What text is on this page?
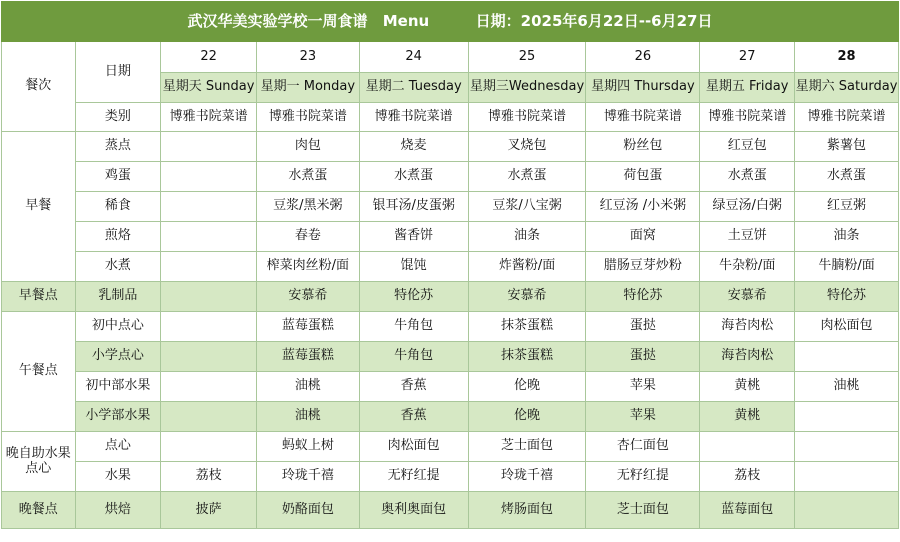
武汉华美实验学校一周食谱 Menu 日期：2025年6月22日--6月27日								
餐次	日期	22	23	24	25	26	27	28
		星期天 Sunday	星期一 Monday	星期二 Tuesday	星期三Wednesday	星期四 Thursday	星期五 Friday	星期六 Saturday
	类别	博雅书院菜谱	博雅书院菜谱	博雅书院菜谱	博雅书院菜谱	博雅书院菜谱	博雅书院菜谱	博雅书院菜谱
早餐	蒸点		肉包	烧麦	叉烧包	粉丝包	红豆包	紫薯包
	鸡蛋		水煮蛋	水煮蛋	水煮蛋	荷包蛋	水煮蛋	水煮蛋
	稀食		豆浆/黑米粥	银耳汤/皮蛋粥	豆浆/八宝粥	红豆汤 /小米粥	绿豆汤/白粥	红豆粥
	煎烙		春卷	酱香饼	油条	面窝	土豆饼	油条
	水煮		榨菜肉丝粉/面	馄饨	炸酱粉/面	腊肠豆芽炒粉	牛杂粉/面	牛腩粉/面
早餐点	乳制品		安慕希	特伦苏	安慕希	特伦苏	安慕希	特伦苏
午餐点	初中点心		蓝莓蛋糕	牛角包	抹茶蛋糕	蛋挞	海苔肉松	肉松面包
	小学点心		蓝莓蛋糕	牛角包	抹茶蛋糕	蛋挞	海苔肉松	
	初中部水果		油桃	香蕉	伦晚	苹果	黄桃	油桃
	小学部水果		油桃	香蕉	伦晚	苹果	黄桃	
晚自助水果点心	点心		蚂蚁上树	肉松面包	芝士面包	杏仁面包		
	水果	荔枝	玲珑千禧	无籽红提	玲珑千禧	无籽红提	荔枝	
晚餐点	烘焙	披萨	奶酪面包	奥利奥面包	烤肠面包	芝士面包	蓝莓面包	
